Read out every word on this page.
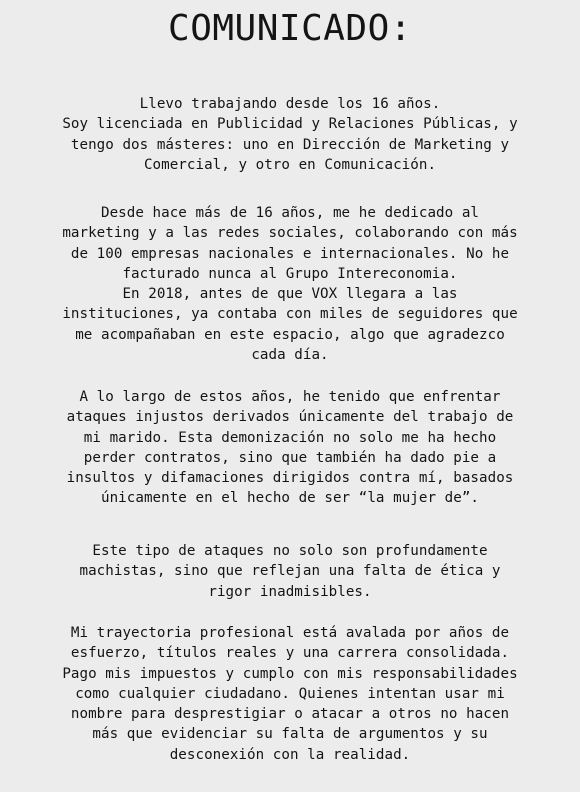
COMUNICADO:
Llevo trabajando desde los 16 años.
Soy licenciada en Publicidad y Relaciones Públicas, y
tengo dos másteres: uno en Dirección de Marketing y
Comercial, y otro en Comunicación.
Desde hace más de 16 años, me he dedicado al
marketing y a las redes sociales, colaborando con más
de 100 empresas nacionales e internacionales. No he
facturado nunca al Grupo Intereconomia.
En 2018, antes de que VOX llegara a las
instituciones, ya contaba con miles de seguidores que
me acompañaban en este espacio, algo que agradezco
cada día.
A lo largo de estos años, he tenido que enfrentar
ataques injustos derivados únicamente del trabajo de
mi marido. Esta demonización no solo me ha hecho
perder contratos, sino que también ha dado pie a
insultos y difamaciones dirigidos contra mí, basados
únicamente en el hecho de ser “la mujer de”.
Este tipo de ataques no solo son profundamente
machistas, sino que reflejan una falta de ética y
rigor inadmisibles.
Mi trayectoria profesional está avalada por años de
esfuerzo, títulos reales y una carrera consolidada.
Pago mis impuestos y cumplo con mis responsabilidades
como cualquier ciudadano. Quienes intentan usar mi
nombre para desprestigiar o atacar a otros no hacen
más que evidenciar su falta de argumentos y su
desconexión con la realidad.
